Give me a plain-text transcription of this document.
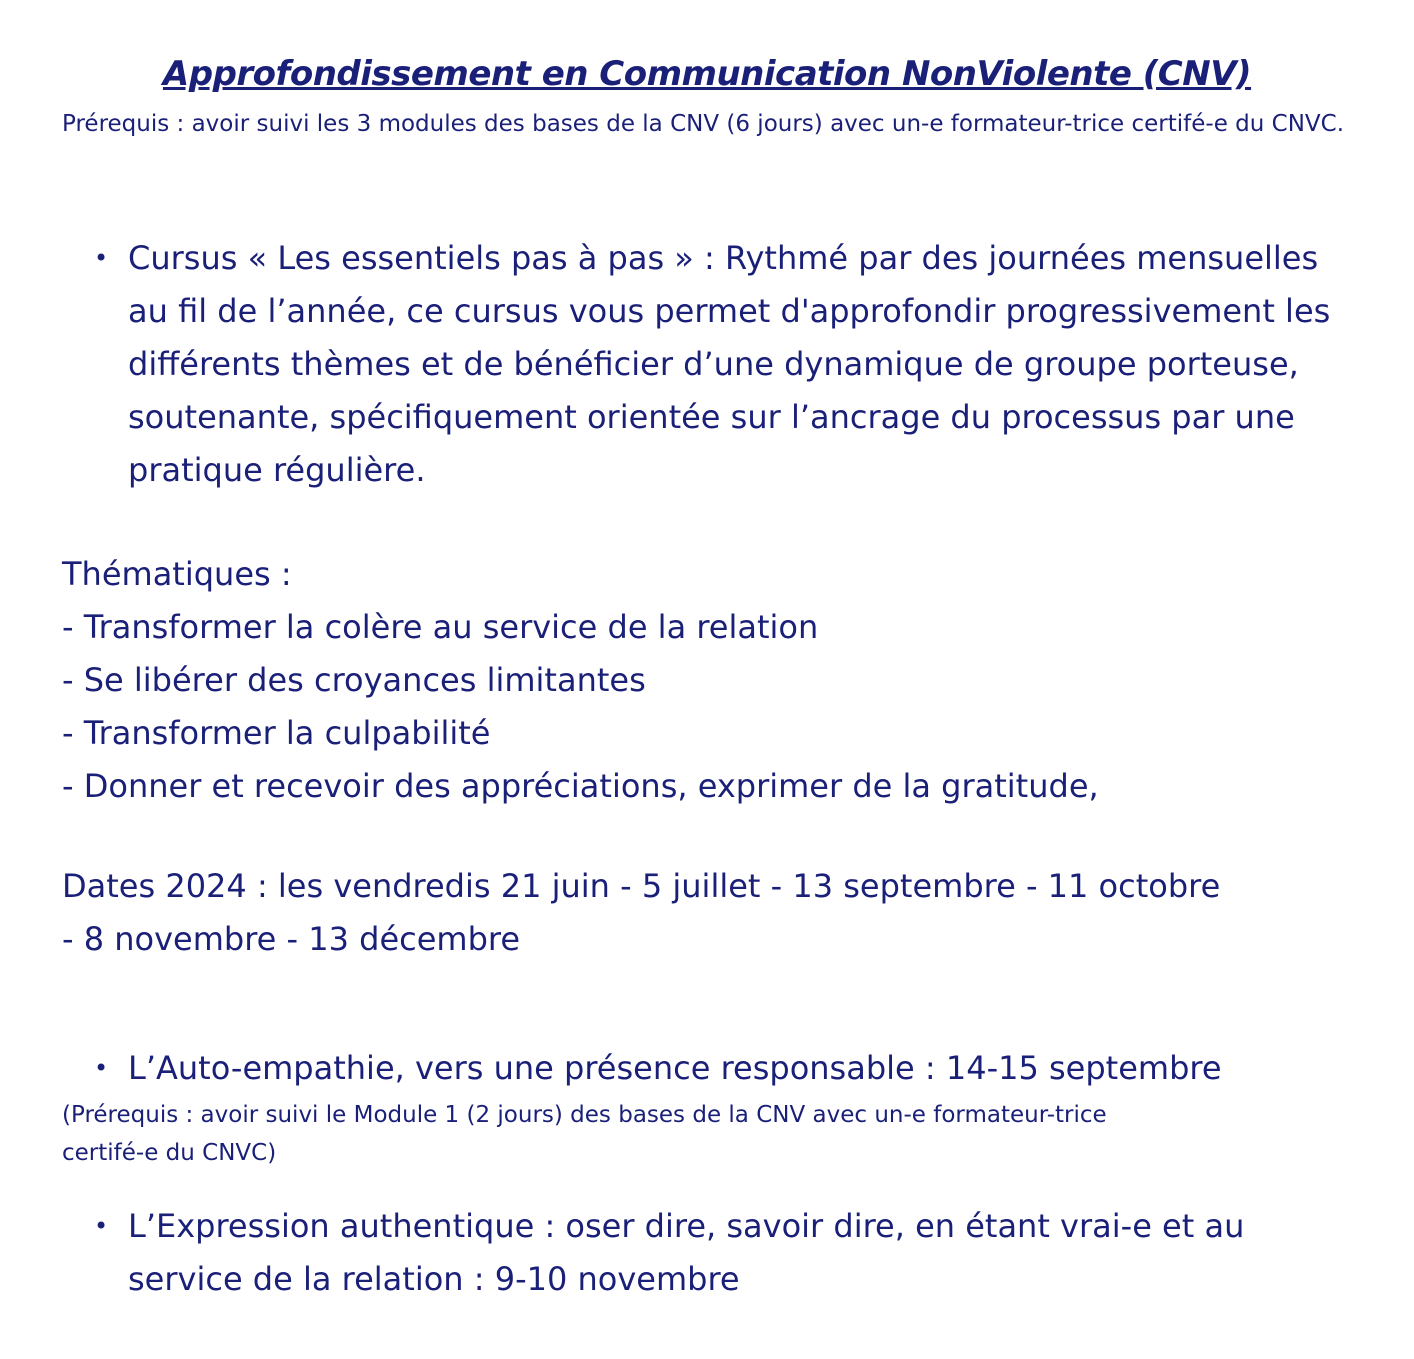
Approfondissement en Communication NonViolente (CNV)
Prérequis : avoir suivi les 3 modules des bases de la CNV (6 jours) avec un-e formateur-trice certifé-e du CNVC.
• Cursus « Les essentiels pas à pas » : Rythmé par des journées mensuelles au fil de l’année, ce cursus vous permet d'approfondir progressivement les différents thèmes et de bénéficier d’une dynamique de groupe porteuse, soutenante, spécifiquement orientée sur l’ancrage du processus par une pratique régulière.
Thématiques :
- Transformer la colère au service de la relation
- Se libérer des croyances limitantes
- Transformer la culpabilité
- Donner et recevoir des appréciations, exprimer de la gratitude,
Dates 2024 : les vendredis 21 juin - 5 juillet - 13 septembre - 11 octobre
- 8 novembre - 13 décembre
• L’Auto-empathie, vers une présence responsable : 14-15 septembre
(Prérequis : avoir suivi le Module 1 (2 jours) des bases de la CNV avec un-e formateur-trice
certifé-e du CNVC)
• L’Expression authentique : oser dire, savoir dire, en étant vrai-e et au service de la relation : 9-10 novembre
